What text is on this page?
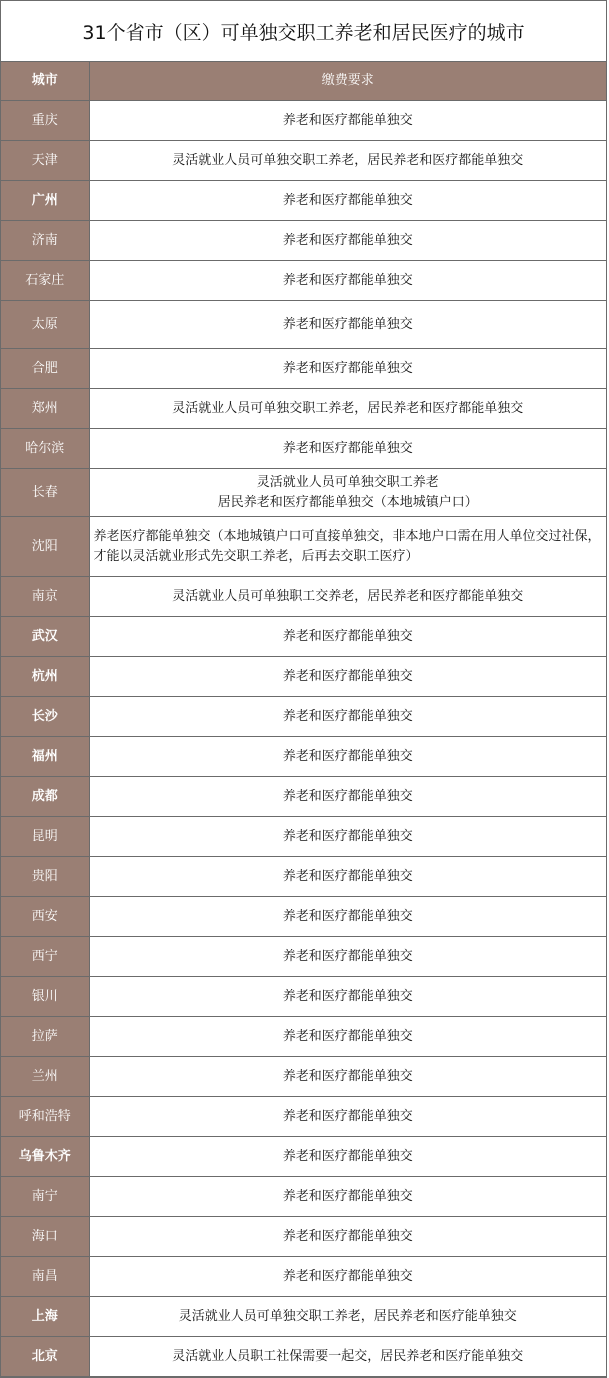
31个省市（区）可单独交职工养老和居民医疗的城市
城市	缴费要求
重庆	养老和医疗都能单独交

天津	灵活就业人员可单独交职工养老，居民养老和医疗都能单独交

广州	养老和医疗都能单独交

济南	养老和医疗都能单独交

石家庄	养老和医疗都能单独交

太原	养老和医疗都能单独交

合肥	养老和医疗都能单独交

郑州	灵活就业人员可单独交职工养老，居民养老和医疗都能单独交

哈尔滨	养老和医疗都能单独交

长春	灵活就业人员可单独交职工养老
居民养老和医疗都能单独交（本地城镇户口）

沈阳	养老医疗都能单独交（本地城镇户口可直接单独交，非本地户口需在用人单位交过社保，才能以灵活就业形式先交职工养老，后再去交职工医疗）

南京	灵活就业人员可单独职工交养老，居民养老和医疗都能单独交

武汉	养老和医疗都能单独交

杭州	养老和医疗都能单独交

长沙	养老和医疗都能单独交

福州	养老和医疗都能单独交

成都	养老和医疗都能单独交

昆明	养老和医疗都能单独交

贵阳	养老和医疗都能单独交

西安	养老和医疗都能单独交

西宁	养老和医疗都能单独交

银川	养老和医疗都能单独交

拉萨	养老和医疗都能单独交

兰州	养老和医疗都能单独交

呼和浩特	养老和医疗都能单独交

乌鲁木齐	养老和医疗都能单独交

南宁	养老和医疗都能单独交

海口	养老和医疗都能单独交

南昌	养老和医疗都能单独交

上海	灵活就业人员可单独交职工养老，居民养老和医疗能单独交

北京	灵活就业人员职工社保需要一起交，居民养老和医疗能单独交
